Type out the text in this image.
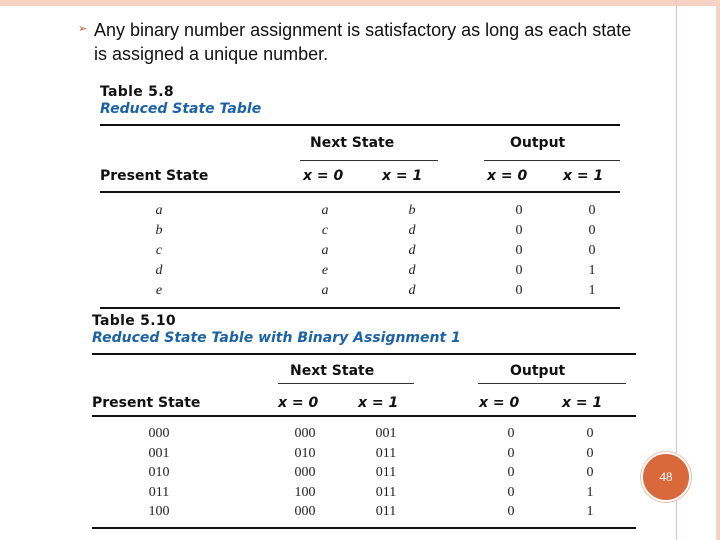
➢ Any binary number assignment is satisfactory as long as each state is assigned a unique number.
Table 5.8
Reduced State Table
Next State	Output
Present State	x = 0	x = 1	x = 0	x = 1
a	a	b	0	0
b	c	d	0	0
c	a	d	0	0
d	e	d	0	1
e	a	d	0	1
Table 5.10
Reduced State Table with Binary Assignment 1
Next State	Output
Present State	x = 0	x = 1	x = 0	x = 1
000	000	001	0	0
001	010	011	0	0
010	000	011	0	0
011	100	011	0	1
100	000	011	0	1
48
